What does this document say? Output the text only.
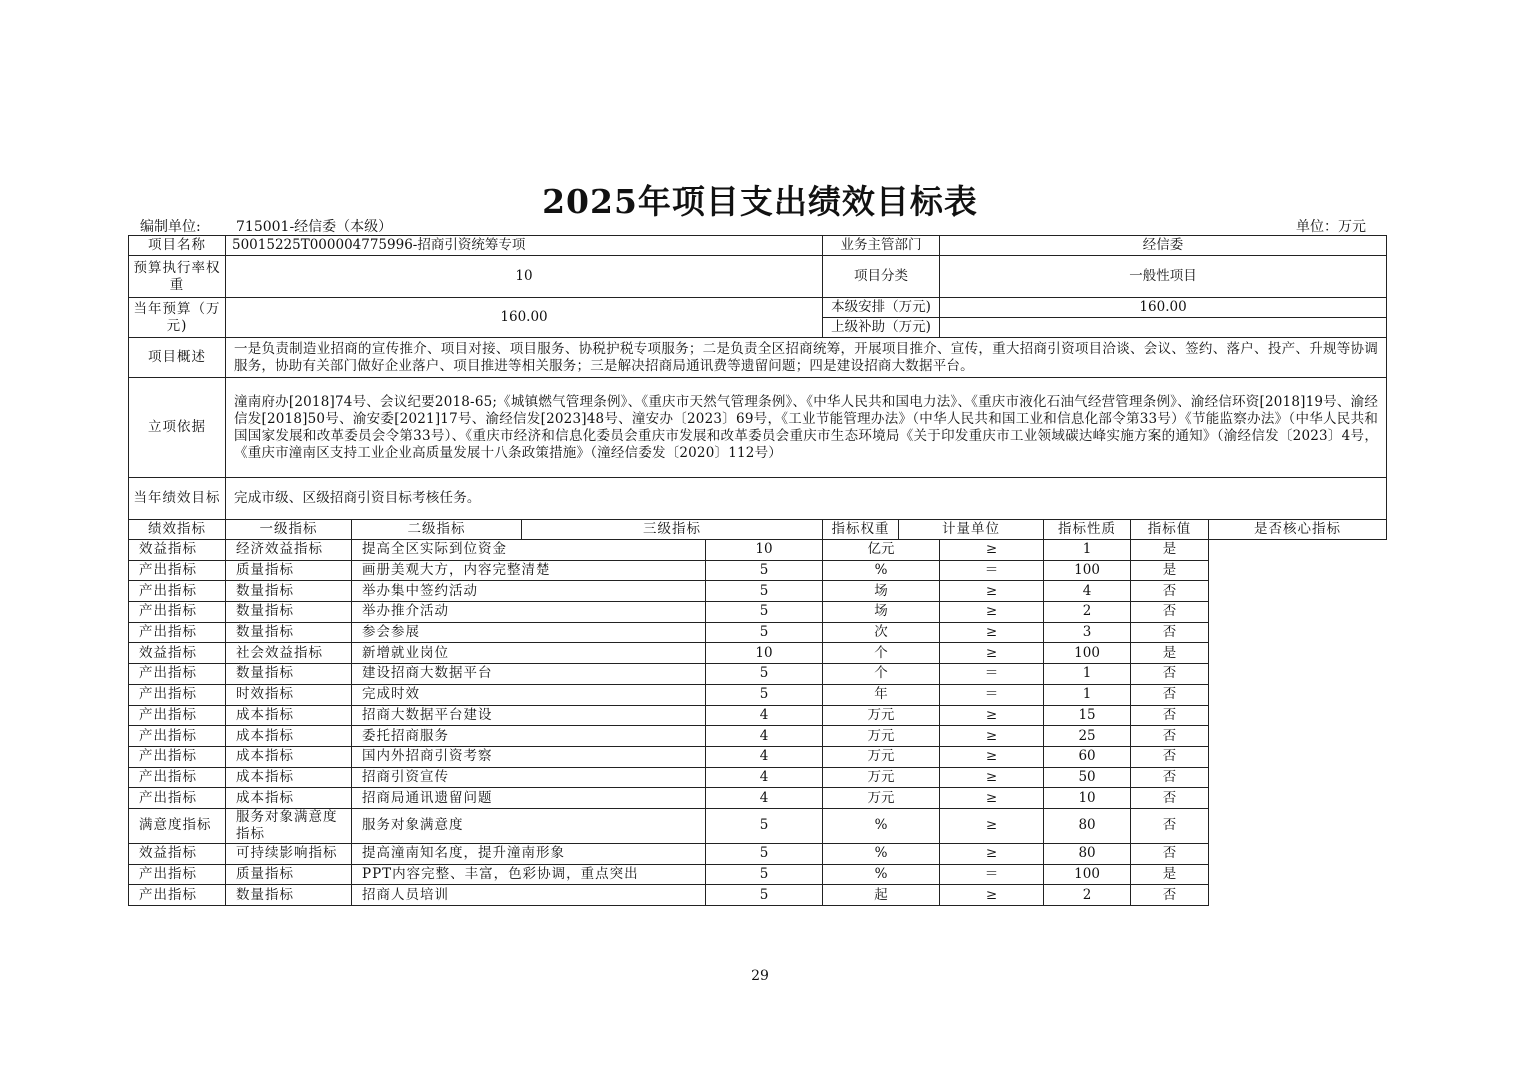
2025年项目支出绩效目标表
编制单位:	715001-经信委（本级）	单位：万元
项目名称	50015225T000004775996-招商引资统筹专项				业务主管部门		经信委			
预算执行率权重	10				项目分类		一般性项目			
当年预算（万元)	160.00				本级安排（万元)		160.00			
					上级补助（万元)					
项目概述	一是负责制造业招商的宣传推介、项目对接、项目服务、协税护税专项服务；二是负责全区招商统筹，开展项目推介、宣传，重大招商引资项目洽谈、会议、签约、落户、投产、升规等协调服务，协助有关部门做好企业落户、项目推进等相关服务；三是解决招商局通讯费等遗留问题；四是建设招商大数据平台。									
立项依据	潼南府办[2018]74号、会议纪要2018-65;《城镇燃气管理条例》、《重庆市天然气管理条例》、《中华人民共和国电力法》、《重庆市液化石油气经营管理条例》、渝经信环资[2018]19号、渝经信发[2018]50号、渝安委[2021]17号、渝经信发[2023]48号、潼安办〔2023〕69号，《工业节能管理办法》（中华人民共和国工业和信息化部令第33号）《节能监察办法》（中华人民共和国国家发展和改革委员会令第33号）、《重庆市经济和信息化委员会重庆市发展和改革委员会重庆市生态环境局《关于印发重庆市工业领域碳达峰实施方案的通知》（渝经信发〔2023〕4号，《重庆市潼南区支持工业企业高质量发展十八条政策措施》（潼经信委发〔2020〕112号）									
当年绩效目标	完成市级、区级招商引资目标考核任务。									
绩效指标	一级指标	二级指标	三级指标		指标权重	计量单位		指标性质	指标值	是否核心指标
效益指标	经济效益指标	提高全区实际到位资金		10	亿元		≥	1	是	
产出指标	质量指标	画册美观大方，内容完整清楚		5	%		＝	100	是	
产出指标	数量指标	举办集中签约活动		5	场		≥	4	否	
产出指标	数量指标	举办推介活动		5	场		≥	2	否	
产出指标	数量指标	参会参展		5	次		≥	3	否	
效益指标	社会效益指标	新增就业岗位		10	个		≥	100	是	
产出指标	数量指标	建设招商大数据平台		5	个		＝	1	否	
产出指标	时效指标	完成时效		5	年		＝	1	否	
产出指标	成本指标	招商大数据平台建设		4	万元		≥	15	否	
产出指标	成本指标	委托招商服务		4	万元		≥	25	否	
产出指标	成本指标	国内外招商引资考察		4	万元		≥	60	否	
产出指标	成本指标	招商引资宣传		4	万元		≥	50	否	
产出指标	成本指标	招商局通讯遗留问题		4	万元		≥	10	否	
满意度指标	服务对象满意度指标	服务对象满意度		5	%		≥	80	否	
效益指标	可持续影响指标	提高潼南知名度，提升潼南形象		5	%		≥	80	否	
产出指标	质量指标	PPT内容完整、丰富，色彩协调，重点突出		5	%		＝	100	是	
产出指标	数量指标	招商人员培训		5	起		≥	2	否	
29
